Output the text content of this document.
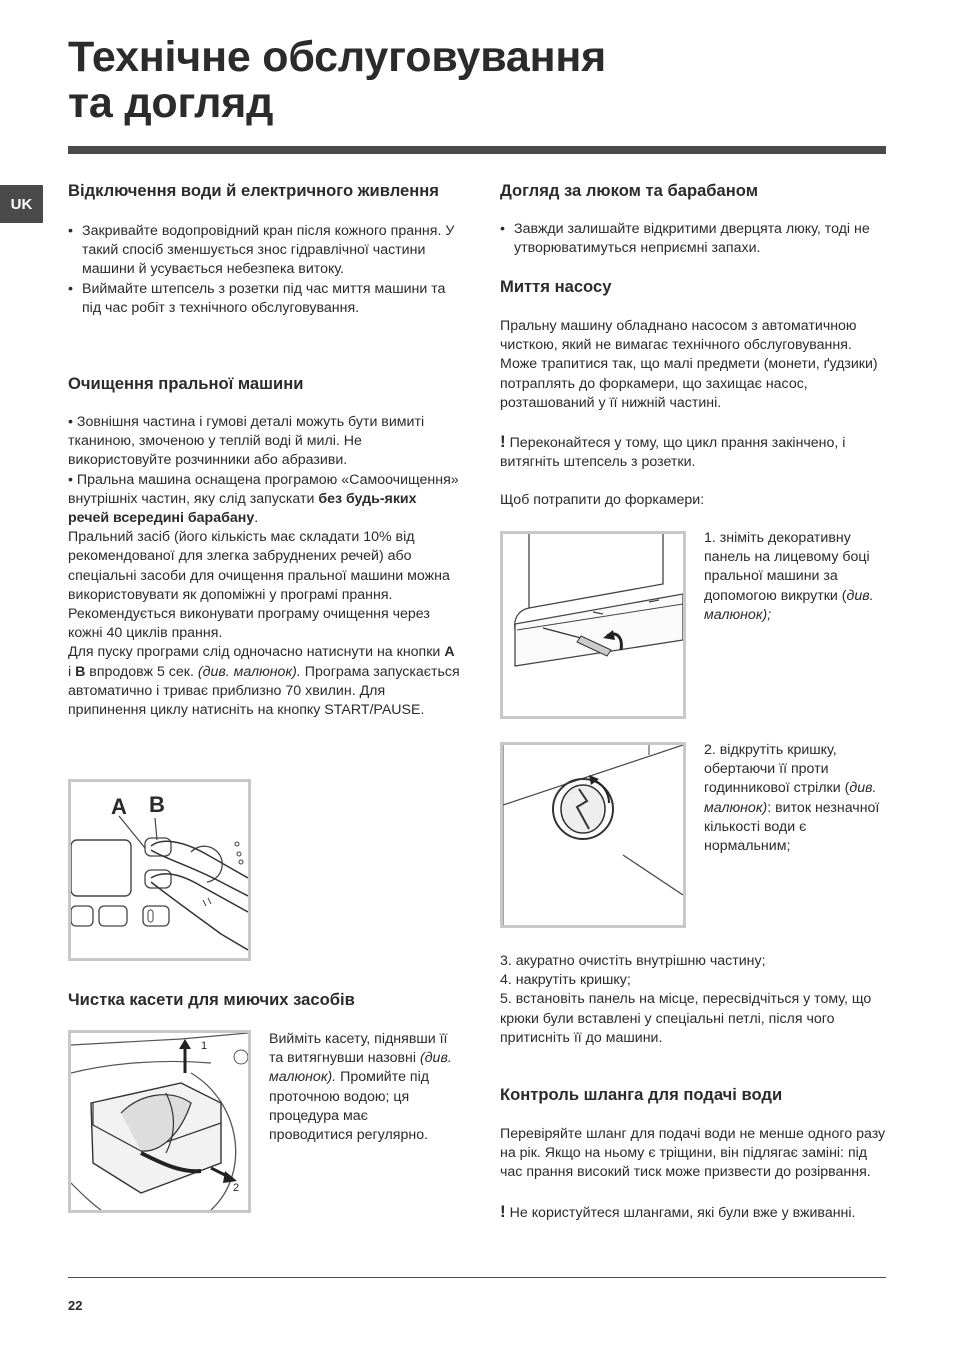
Технічне обслуговування
та догляд
UK
Відключення води й електричного живлення

• Закривайте водопровідний кран після кожного прання. У такий спосіб зменшується знос гідравлічної частини машини й усувається небезпека витоку.

• Виймайте штепсель з розетки під час миття машини та під час робіт з технічного обслуговування.

Очищення пральної машини

• Зовнішня частина і гумові деталі можуть бути вимиті тканиною, змоченою у теплій воді й милі. Не використовуйте розчинники або абразиви.

• Пральна машина оснащена програмою «Самоочищення» внутрішніх частин, яку слід запускати без будь-яких речей всередині барабану.

Пральний засіб (його кількість має складати 10% від рекомендованої для злегка забруднених речей) або спеціальні засоби для очищення пральної машини можна використовувати як допоміжні у програмі прання. Рекомендується виконувати програму очищення через кожні 40 циклів прання.

Для пуску програми слід одночасно натиснути на кнопки A і B впродовж 5 сек. (див. малюнок). Програма запускається автоматично і триває приблизно 70 хвилин. Для припинення циклу натисніть на кнопку START/PAUSE.

A B
Чистка касети для миючих засобів
1
2
Вийміть касету, піднявши її та витягнувши назовні (див. малюнок). Промийте під проточною водою; ця процедура має проводитися регулярно.
Догляд за люком та барабаном

• Завжди залишайте відкритими дверцята люку, тоді не утворюватимуться неприємні запахи.

Миття насосу

Пральну машину обладнано насосом з автоматичною чисткою, який не вимагає технічного обслуговування. Може трапитися так, що малі предмети (монети, ґудзики) потраплять до форкамери, що захищає насос, розташований у її нижній частині.

! Переконайтеся у тому, що цикл прання закінчено, і витягніть штепсель з розетки.

Щоб потрапити до форкамери:

1. зніміть декоративну панель на лицевому боці пральної машини за допомогою викрутки (див. малюнок);
2. відкрутіть кришку, обертаючи її проти годинникової стрілки (див. малюнок): виток незначної кількості води є нормальним;

3. акуратно очистіть внутрішню частину;

4. накрутіть кришку;

5. встановіть панель на місце, пересвідчіться у тому, що крюки були вставлені у спеціальні петлі, після чого притисніть її до машини.

Контроль шланга для подачі води

Перевіряйте шланг для подачі води не менше одного разу на рік. Якщо на ньому є тріщини, він підлягає заміні: під час прання високий тиск може призвести до розірвання.

! Не користуйтеся шлангами, які були вже у вживанні.

22
